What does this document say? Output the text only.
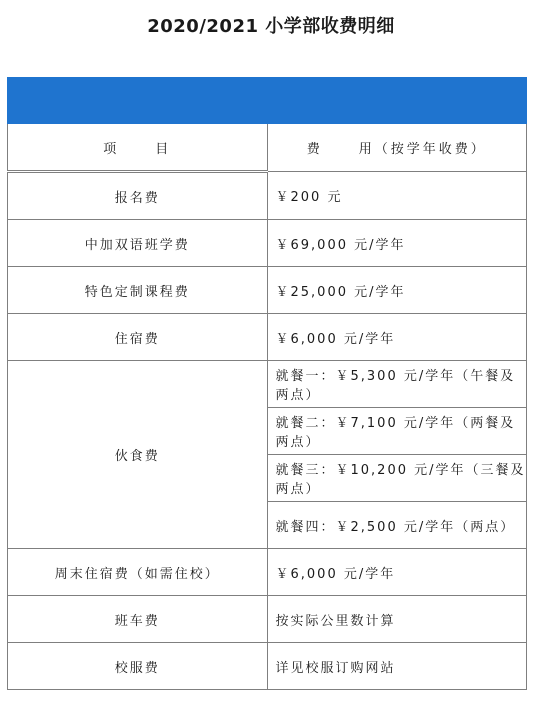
2020/2021 小学部收费明细

项 目	费 用（按学年收费）
报名费	￥200 元
中加双语班学费	￥69,000 元/学年
特色定制课程费	￥25,000 元/学年
住宿费	￥6,000 元/学年
伙食费	就餐一：￥5,300 元/学年（午餐及两点）
	就餐二：￥7,100 元/学年（两餐及两点）
	就餐三：￥10,200 元/学年（三餐及两点）
	就餐四：￥2,500 元/学年（两点）
周末住宿费（如需住校）	￥6,000 元/学年
班车费	按实际公里数计算
校服费	详见校服订购网站
